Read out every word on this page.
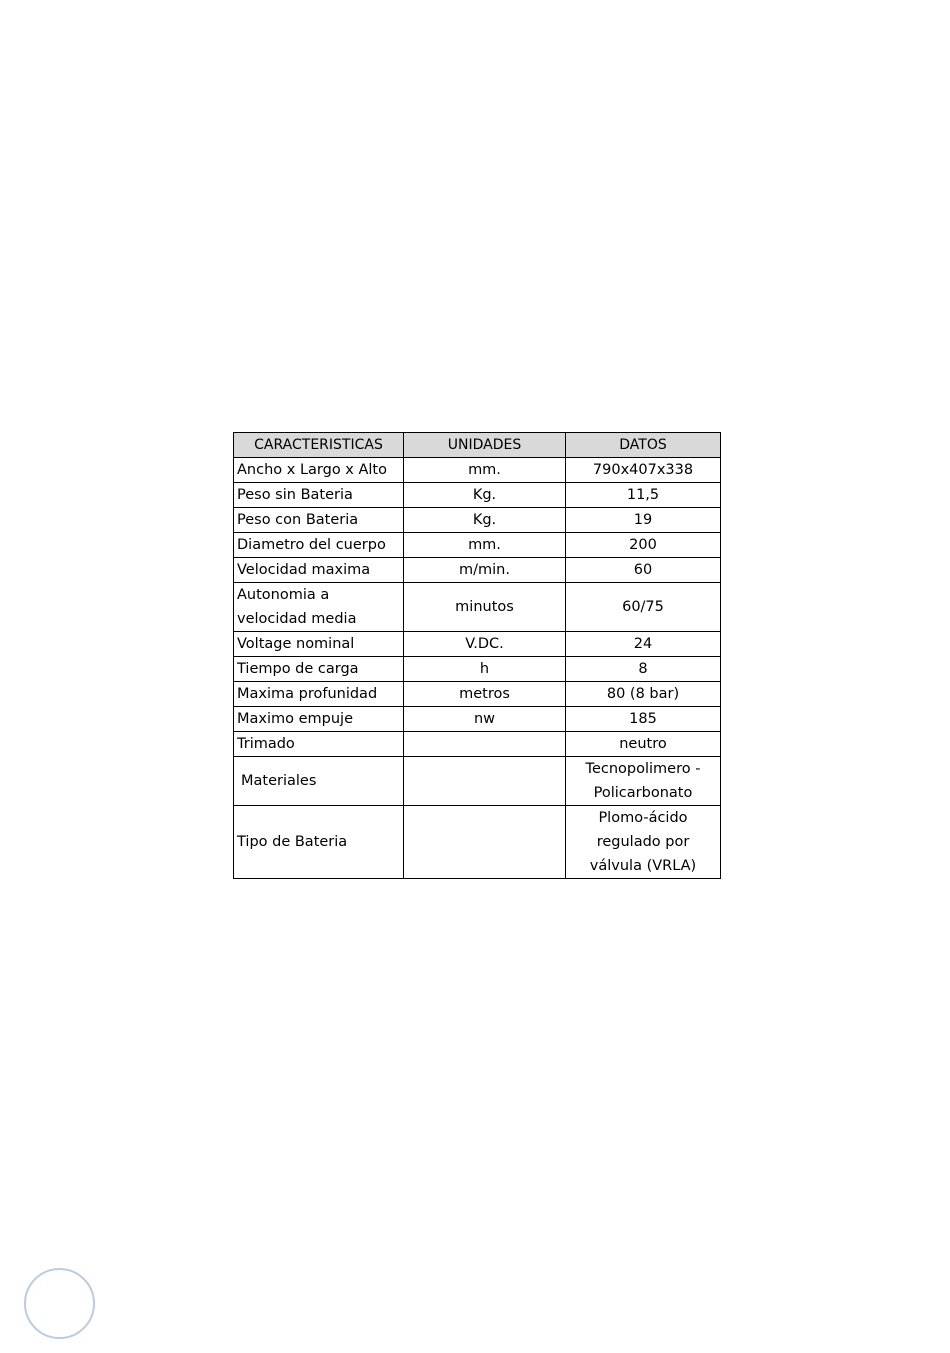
CARACTERISTICAS	UNIDADES	DATOS
Ancho x Largo x Alto	mm.	790x407x338
Peso sin Bateria	Kg.	11,5
Peso con Bateria	Kg.	19
Diametro del cuerpo	mm.	200
Velocidad maxima	m/min.	60
Autonomia a velocidad media	minutos	60/75
Voltage nominal	V.DC.	24
Tiempo de carga	h	8
Maxima profunidad	metros	80 (8 bar)
Maximo empuje	nw	185
Trimado		neutro
Materiales		Tecnopolimero - Policarbonato
Tipo de Bateria		Plomo-ácido regulado por válvula (VRLA)
